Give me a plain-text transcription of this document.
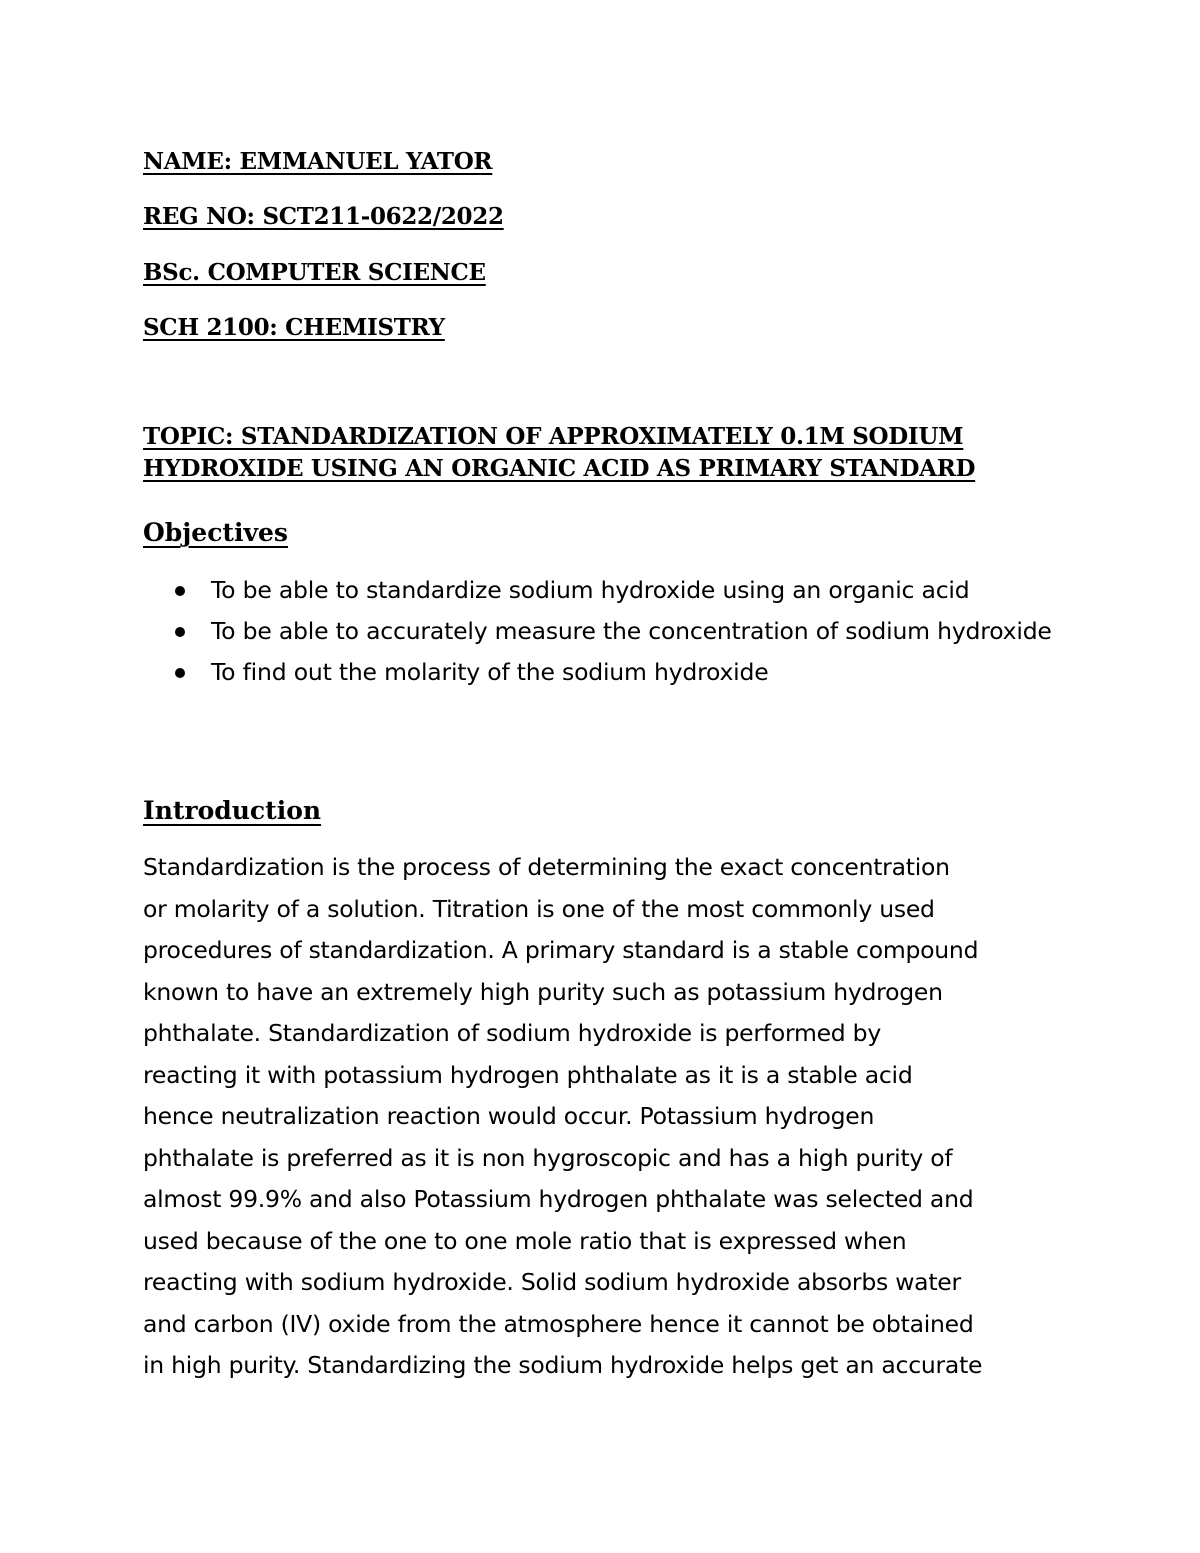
NAME: EMMANUEL YATOR
REG NO: SCT211-0622/2022
BSc. COMPUTER SCIENCE
SCH 2100: CHEMISTRY
TOPIC: STANDARDIZATION OF APPROXIMATELY 0.1M SODIUM
HYDROXIDE USING AN ORGANIC ACID AS PRIMARY STANDARD
Objectives
To be able to standardize sodium hydroxide using an organic acid
To be able to accurately measure the concentration of sodium hydroxide
To find out the molarity of the sodium hydroxide
Introduction
Standardization is the process of determining the exact concentration
or molarity of a solution. Titration is one of the most commonly used
procedures of standardization. A primary standard is a stable compound
known to have an extremely high purity such as potassium hydrogen
phthalate. Standardization of sodium hydroxide is performed by
reacting it with potassium hydrogen phthalate as it is a stable acid
hence neutralization reaction would occur. Potassium hydrogen
phthalate is preferred as it is non hygroscopic and has a high purity of
almost 99.9% and also Potassium hydrogen phthalate was selected and
used because of the one to one mole ratio that is expressed when
reacting with sodium hydroxide. Solid sodium hydroxide absorbs water
and carbon (IV) oxide from the atmosphere hence it cannot be obtained
in high purity. Standardizing the sodium hydroxide helps get an accurate
